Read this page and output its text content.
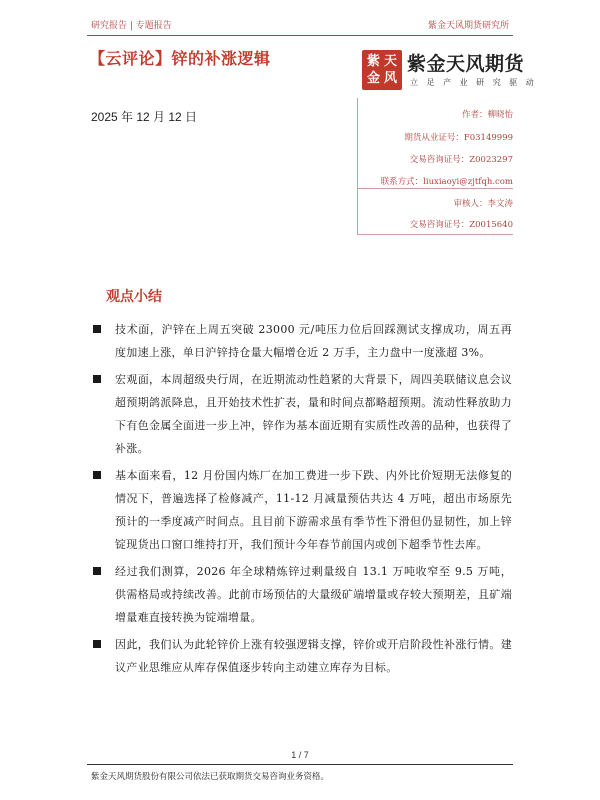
研究报告 | 专题报告	紫金天风期货研究所
【云评论】锌的补涨逻辑	紫 天
金 风
紫金天风期货
立 足 产 业 研 究 驱 动
2025 年 12 月 12 日	作者：柳晓怡
期货从业证号：F03149999
交易咨询证号：Z0023297
联系方式：liuxiaoyi@zjtfqh.com
审核人：李文涛
交易咨询证号：Z0015640
观点小结
技术面，沪锌在上周五突破 23000 元/吨压力位后回踩测试支撑成功，周五再度加速上涨，单日沪锌持仓量大幅增仓近 2 万手，主力盘中一度涨超 3%。
宏观面，本周超级央行周，在近期流动性趋紧的大背景下，周四美联储议息会议超预期鸽派降息，且开始技术性扩表，量和时间点都略超预期。流动性释放助力下有色金属全面进一步上冲，锌作为基本面近期有实质性改善的品种，也获得了补涨。
基本面来看，12 月份国内炼厂在加工费进一步下跌、内外比价短期无法修复的情况下，普遍选择了检修减产，11-12 月减量预估共达 4 万吨，超出市场原先预计的一季度减产时间点。且目前下游需求虽有季节性下滑但仍显韧性，加上锌锭现货出口窗口维持打开，我们预计今年春节前国内或创下超季节性去库。
经过我们测算，2026 年全球精炼锌过剩量级自 13.1 万吨收窄至 9.5 万吨，供需格局或持续改善。此前市场预估的大量级矿端增量或存较大预期差，且矿端增量难直接转换为锭端增量。
因此，我们认为此轮锌价上涨有较强逻辑支撑，锌价或开启阶段性补涨行情。建议产业思维应从库存保值逐步转向主动建立库存为目标。
1 / 7
紫金天风期货股份有限公司依法已获取期货交易咨询业务资格。
